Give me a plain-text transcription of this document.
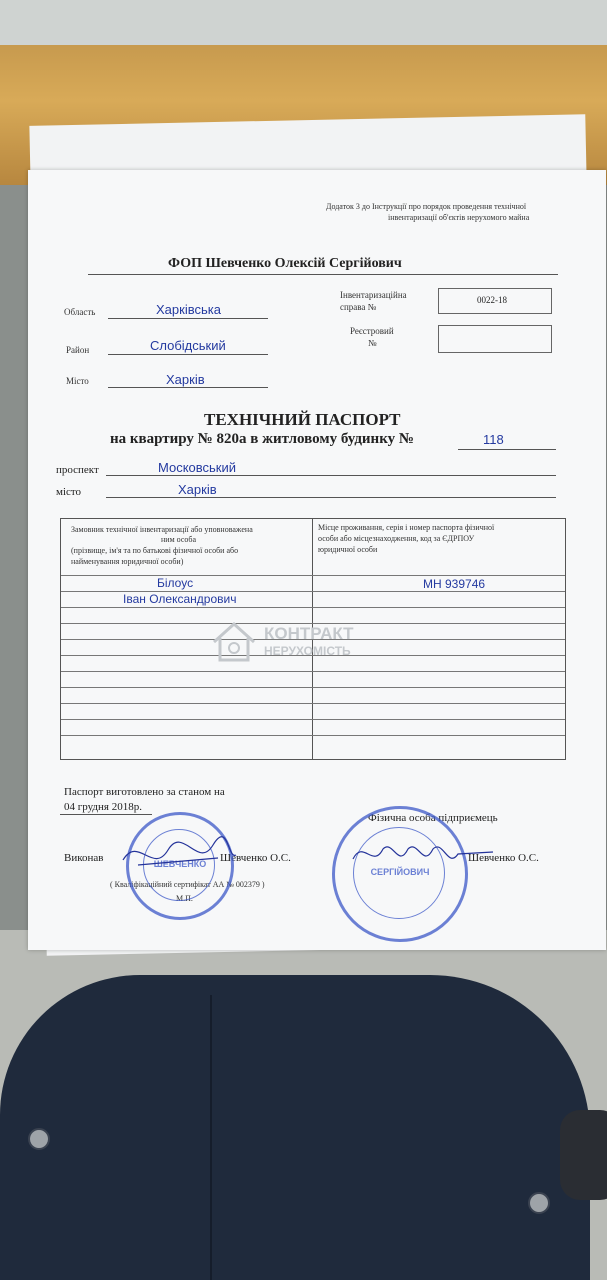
Додаток 3 до Інструкції про порядок проведення технічної
інвентаризації об'єктів нерухомого майна
ФОП Шевченко Олексій Сергійович
Область	Харківська
Район	Слобідський
Місто	Харків
Інвентаризаційна
справа №
0022-18
Реєстровий
№
ТЕХНІЧНИЙ ПАСПОРТ
на квартиру № 820а в житловому будинку №	118
проспект	Московський
місто	Харків
Замовник технічної інвентаризації або уповноважена
ним особа
(прізвище, ім'я та по батькові фізичної особи або
найменування юридичної особи)
Місце проживання, серія і номер паспорта фізичної
особи або місцезнаходження, код за ЄДРПОУ
юридичної особи
Білоус	МН 939746
Іван Олександрович
КОНТРАКТ
НЕРУХОМІСТЬ
Паспорт виготовлено за станом на
04 грудня 2018р.
Фізична особа підприємець
Виконав	Шевченко О.С.	Шевченко О.С.
( Кваліфікаційний сертифікат АА № 002379 )
М.П.
ШЕВЧЕНКО
СЕРГІЙОВИЧ
